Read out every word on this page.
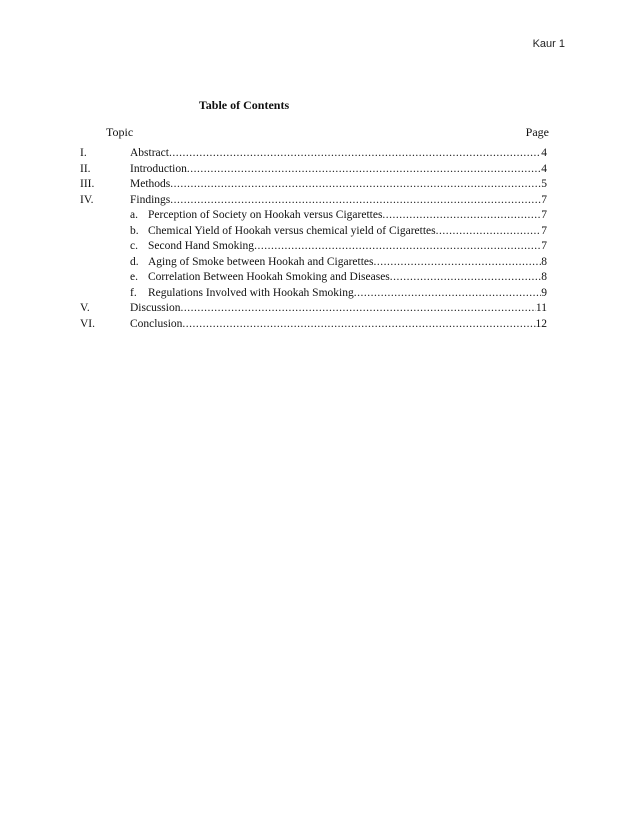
Kaur 1
Table of Contents
Topic	Page
I.	Abstract .....	4
II.	Introduction .....	4
III.	Methods .....	5
IV.	Findings .....	7
a. Perception of Society on Hookah versus Cigarettes .....	7
b. Chemical Yield of Hookah versus chemical yield of Cigarettes .....	7
c. Second Hand Smoking .....	7
d. Aging of Smoke between Hookah and Cigarettes .....	8
e. Correlation Between Hookah Smoking and Diseases .....	8
f. Regulations Involved with Hookah Smoking .....	9
V.	Discussion .....	11
VI.	Conclusion .....	12
